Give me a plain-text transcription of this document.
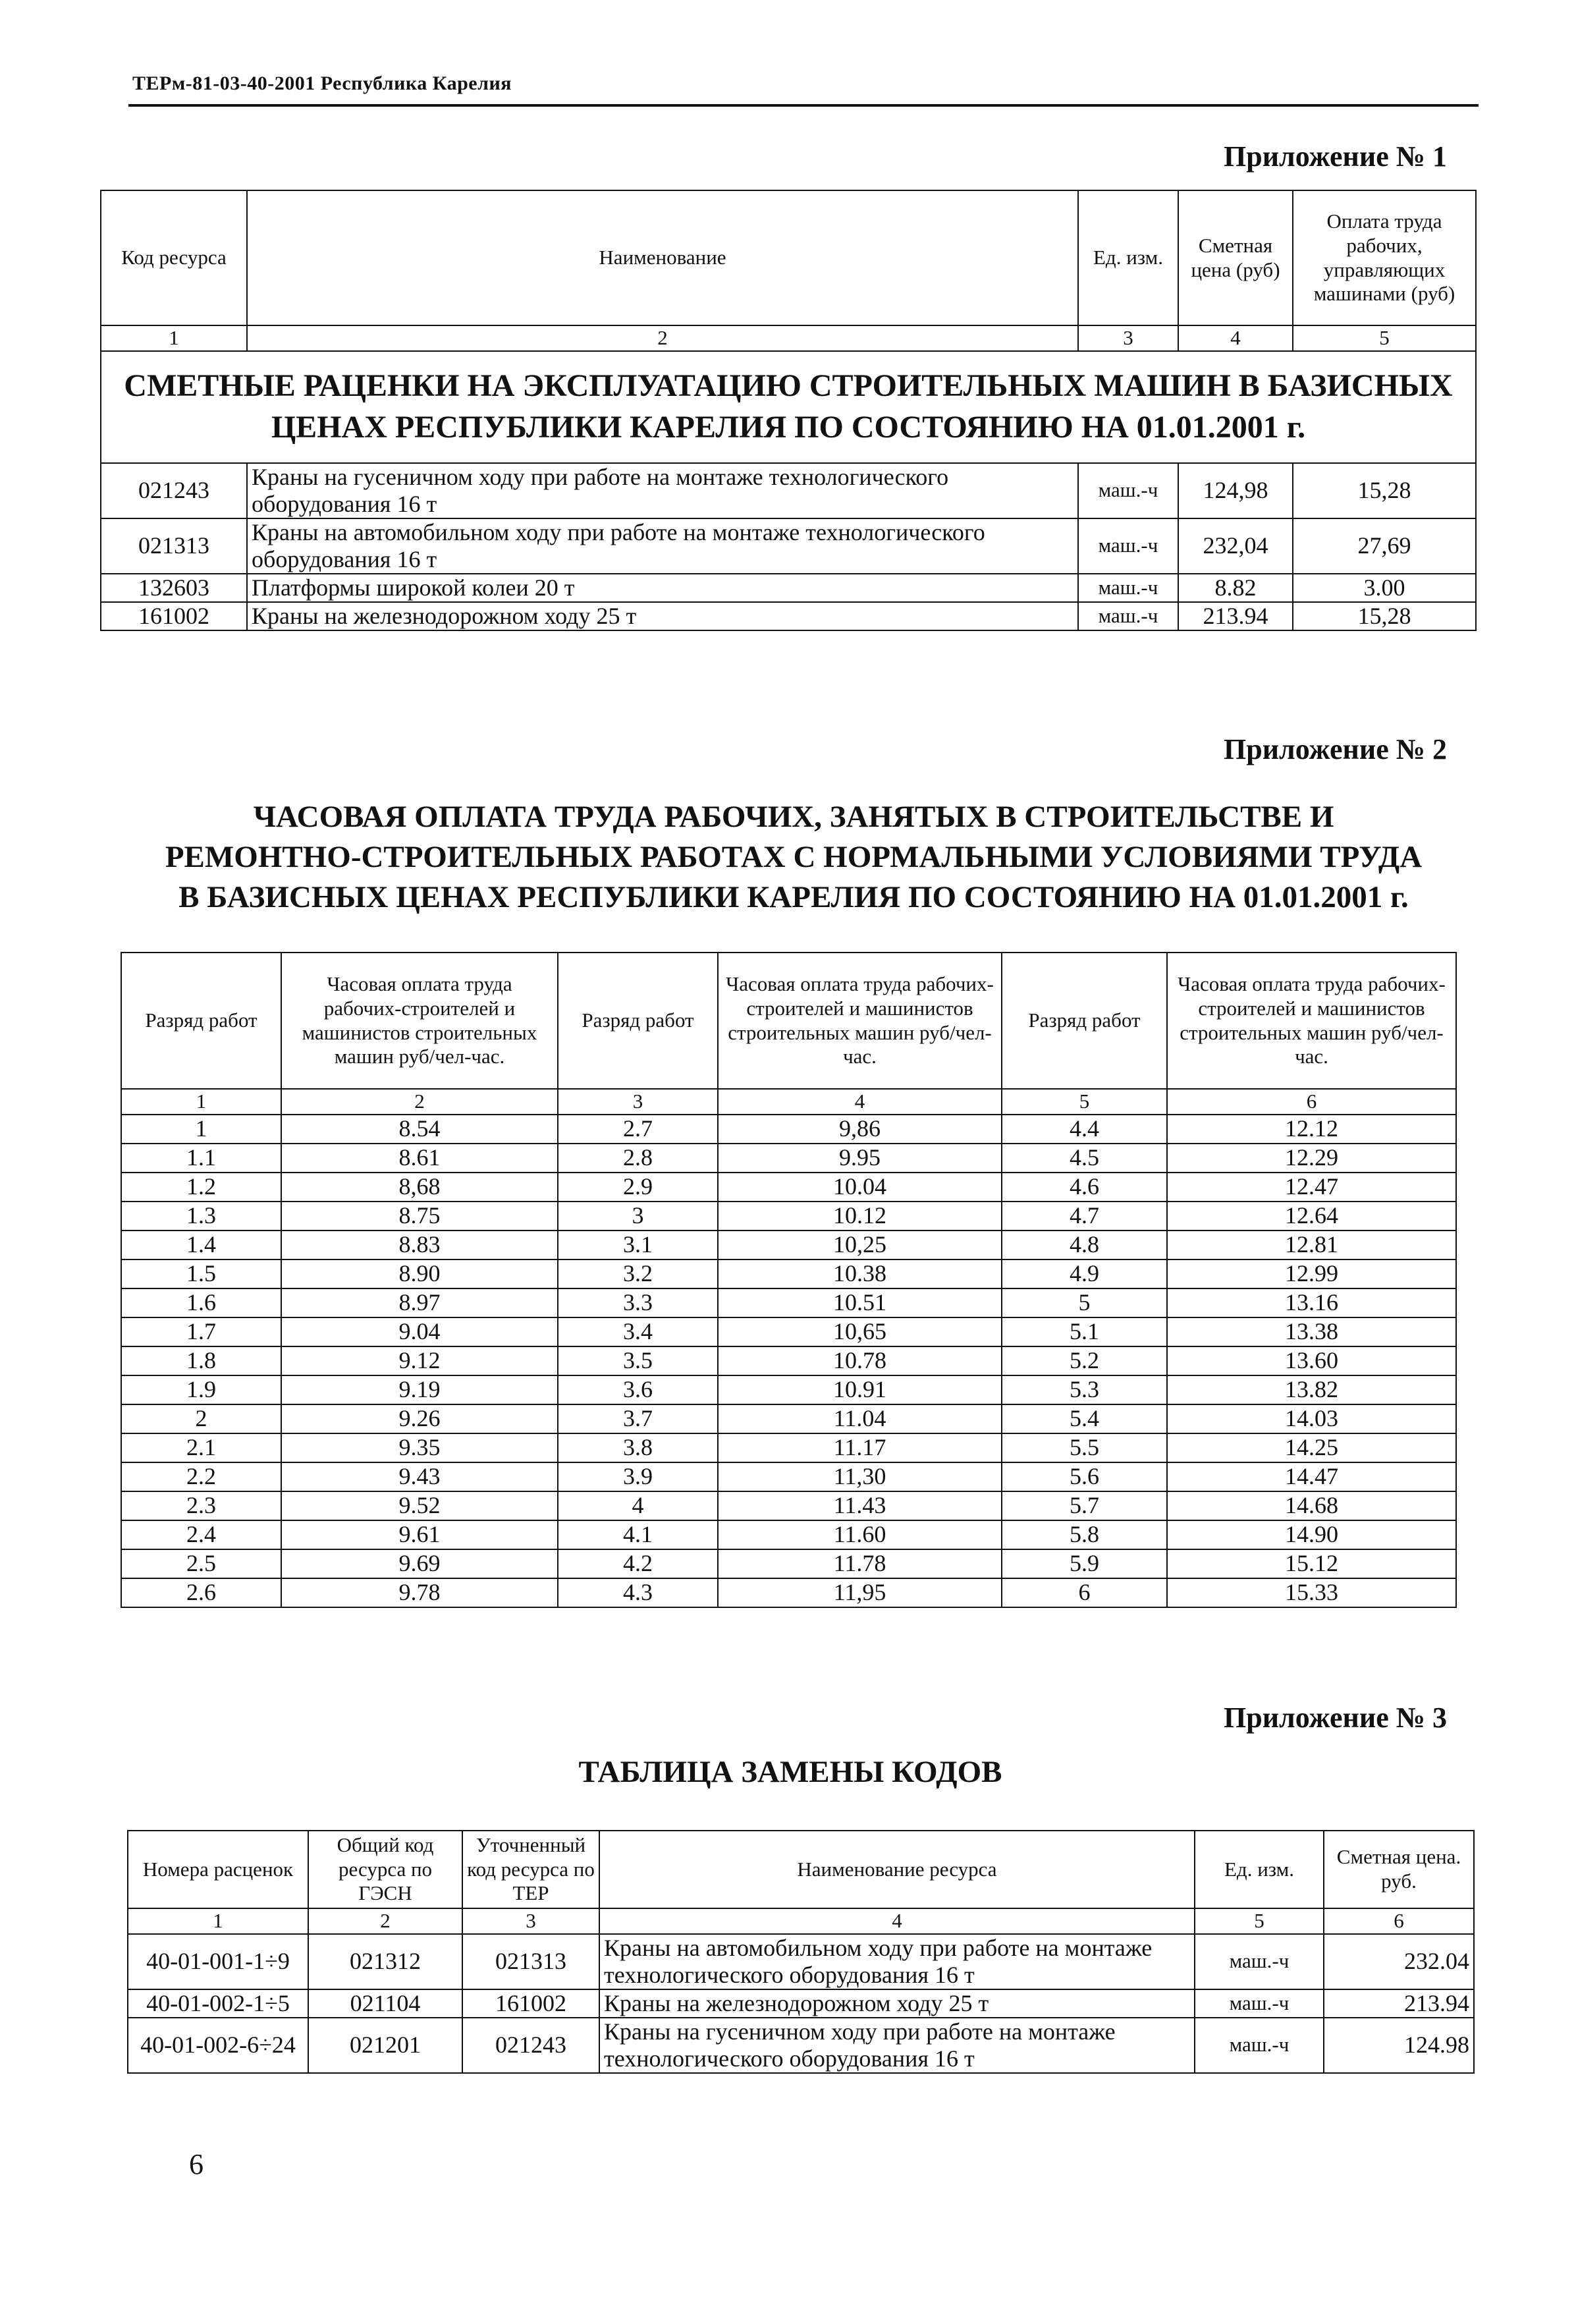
ТЕРм-81-03-40-2001 Республика Карелия
Приложение № 1
Код ресурса	Наименование	Ед. изм.	Сметная цена (руб)	Оплата труда рабочих, управляющих машинами (руб)
1	2	3	4	5
СМЕТНЫЕ РАЦЕНКИ НА ЭКСПЛУАТАЦИЮ СТРОИТЕЛЬНЫХ МАШИН В БАЗИСНЫХ ЦЕНАХ РЕСПУБЛИКИ КАРЕЛИЯ ПО СОСТОЯНИЮ НА 01.01.2001 г.				
021243	Краны на гусеничном ходу при работе на монтаже технологического оборудования 16 т	маш.-ч	124,98	15,28
021313	Краны на автомобильном ходу при работе на монтаже технологического оборудования 16 т	маш.-ч	232,04	27,69
132603	Платформы широкой колеи 20 т	маш.-ч	8.82	3.00
161002	Краны на железнодорожном ходу 25 т	маш.-ч	213.94	15,28
Приложение № 2
ЧАСОВАЯ ОПЛАТА ТРУДА РАБОЧИХ, ЗАНЯТЫХ В СТРОИТЕЛЬСТВЕ И РЕМОНТНО-СТРОИТЕЛЬНЫХ РАБОТАХ С НОРМАЛЬНЫМИ УСЛОВИЯМИ ТРУДА В БАЗИСНЫХ ЦЕНАХ РЕСПУБЛИКИ КАРЕЛИЯ ПО СОСТОЯНИЮ НА 01.01.2001 г.
Разряд работ	Часовая оплата труда рабочих-строителей и машинистов строительных машин руб/чел-час.	Разряд работ	Часовая оплата труда рабочих-строителей и машинистов строительных машин руб/чел-час.	Разряд работ	Часовая оплата труда рабочих-строителей и машинистов строительных машин руб/чел-час.
1	2	3	4	5	6
1	8.54	2.7	9,86	4.4	12.12
1.1	8.61	2.8	9.95	4.5	12.29
1.2	8,68	2.9	10.04	4.6	12.47
1.3	8.75	3	10.12	4.7	12.64
1.4	8.83	3.1	10,25	4.8	12.81
1.5	8.90	3.2	10.38	4.9	12.99
1.6	8.97	3.3	10.51	5	13.16
1.7	9.04	3.4	10,65	5.1	13.38
1.8	9.12	3.5	10.78	5.2	13.60
1.9	9.19	3.6	10.91	5.3	13.82
2	9.26	3.7	11.04	5.4	14.03
2.1	9.35	3.8	11.17	5.5	14.25
2.2	9.43	3.9	11,30	5.6	14.47
2.3	9.52	4	11.43	5.7	14.68
2.4	9.61	4.1	11.60	5.8	14.90
2.5	9.69	4.2	11.78	5.9	15.12
2.6	9.78	4.3	11,95	6	15.33
Приложение № 3
ТАБЛИЦА ЗАМЕНЫ КОДОВ
Номера расценок	Общий код ресурса по ГЭСН	Уточненный код ресурса по ТЕР	Наименование ресурса	Ед. изм.	Сметная цена. руб.
1	2	3	4	5	6
40-01-001-1÷9	021312	021313	Краны на автомобильном ходу при работе на монтаже технологического оборудования 16 т	маш.-ч	232.04
40-01-002-1÷5	021104	161002	Краны на железнодорожном ходу 25 т	маш.-ч	213.94
40-01-002-6÷24	021201	021243	Краны на гусеничном ходу при работе на монтаже технологического оборудования 16 т	маш.-ч	124.98
6
